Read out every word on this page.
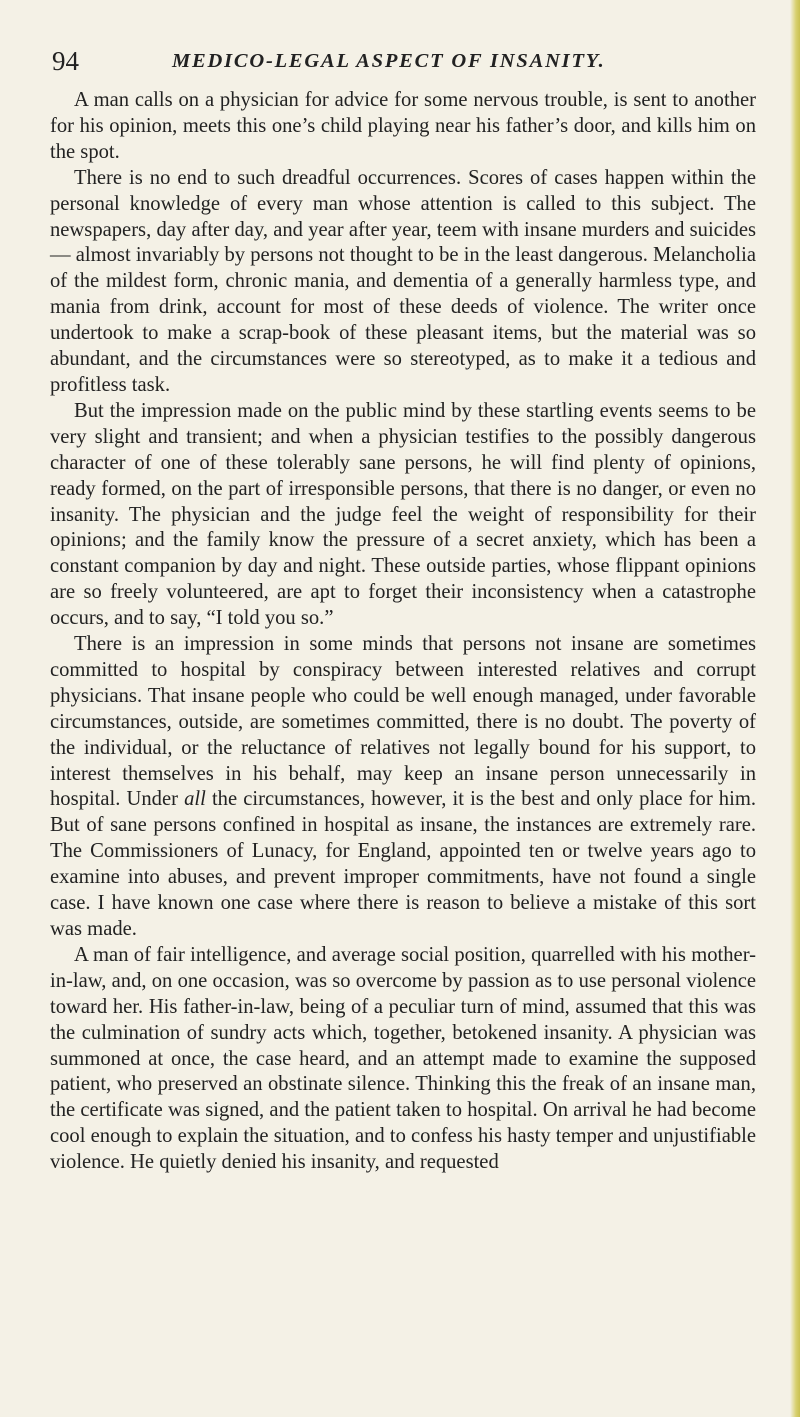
94	MEDICO-LEGAL ASPECT OF INSANITY.

A man calls on a physician for advice for some nervous trouble, is sent to another for his opinion, meets this one’s child playing near his father’s door, and kills him on the spot.

There is no end to such dreadful occurrences. Scores of cases happen within the personal knowledge of every man whose attention is called to this subject. The newspapers, day after day, and year after year, teem with insane murders and suicides — almost invariably by persons not thought to be in the least dangerous. Melancholia of the mildest form, chronic mania, and dementia of a generally harmless type, and mania from drink, account for most of these deeds of violence. The writer once undertook to make a scrap-book of these pleasant items, but the material was so abundant, and the circumstances were so stereotyped, as to make it a tedious and profitless task.

But the impression made on the public mind by these startling events seems to be very slight and transient; and when a physician testifies to the possibly dangerous character of one of these tolerably sane persons, he will find plenty of opinions, ready formed, on the part of irresponsible persons, that there is no danger, or even no insanity. The physician and the judge feel the weight of responsibility for their opinions; and the family know the pressure of a secret anxiety, which has been a constant companion by day and night. These outside parties, whose flippant opinions are so freely volunteered, are apt to forget their inconsistency when a catastrophe occurs, and to say, “I told you so.”

There is an impression in some minds that persons not insane are sometimes committed to hospital by conspiracy between interested relatives and corrupt physicians. That insane people who could be well enough managed, under favorable circumstances, outside, are sometimes committed, there is no doubt. The poverty of the individual, or the reluctance of relatives not legally bound for his support, to interest themselves in his behalf, may keep an insane person unnecessarily in hospital. Under all the circumstances, however, it is the best and only place for him. But of sane persons confined in hospital as insane, the instances are extremely rare. The Commissioners of Lunacy, for England, appointed ten or twelve years ago to examine into abuses, and prevent improper commitments, have not found a single case. I have known one case where there is reason to believe a mistake of this sort was made.

A man of fair intelligence, and average social position, quarrelled with his mother-in-law, and, on one occasion, was so overcome by passion as to use personal violence toward her. His father-in-law, being of a peculiar turn of mind, assumed that this was the culmination of sundry acts which, together, betokened insanity. A physician was summoned at once, the case heard, and an attempt made to examine the supposed patient, who preserved an obstinate silence. Thinking this the freak of an insane man, the certificate was signed, and the patient taken to hospital. On arrival he had become cool enough to explain the situation, and to confess his hasty temper and unjustifiable violence. He quietly denied his insanity, and requested
